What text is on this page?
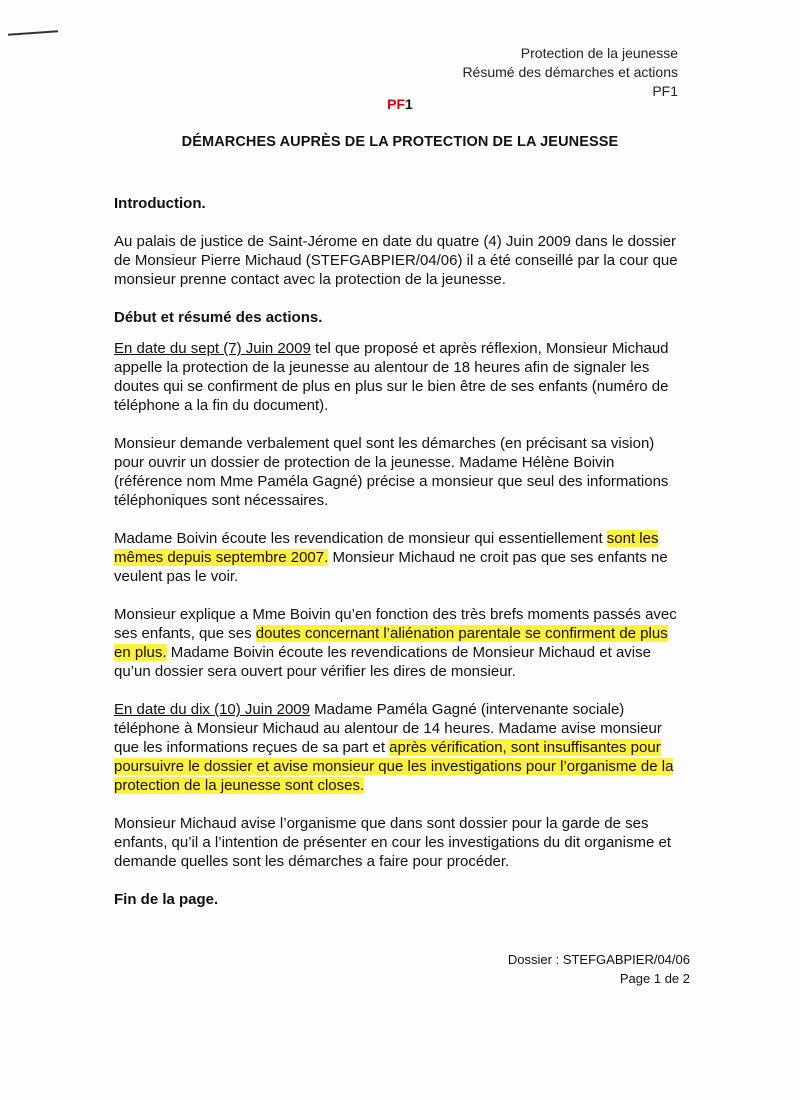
Protection de la jeunesse
Résumé des démarches et actions
PF1
PF1
DÉMARCHES AUPRÈS DE LA PROTECTION DE LA JEUNESSE

Introduction.

Au palais de justice de Saint-Jérome en date du quatre (4) Juin 2009 dans le dossier de Monsieur Pierre Michaud (STEFGABPIER/04/06) il a été conseillé par la cour que monsieur prenne contact avec la protection de la jeunesse.

Début et résumé des actions.

En date du sept (7) Juin 2009 tel que proposé et après réflexion, Monsieur Michaud appelle la protection de la jeunesse au alentour de 18 heures afin de signaler les doutes qui se confirment de plus en plus sur le bien être de ses enfants (numéro de téléphone a la fin du document).

Monsieur demande verbalement quel sont les démarches (en précisant sa vision) pour ouvrir un dossier de protection de la jeunesse. Madame Hélène Boivin (référence nom Mme Paméla Gagné) précise a monsieur que seul des informations téléphoniques sont nécessaires.

Madame Boivin écoute les revendication de monsieur qui essentiellement sont les mêmes depuis septembre 2007. Monsieur Michaud ne croit pas que ses enfants ne veulent pas le voir.

Monsieur explique a Mme Boivin qu’en fonction des très brefs moments passés avec ses enfants, que ses doutes concernant l’aliénation parentale se confirment de plus en plus. Madame Boivin écoute les revendications de Monsieur Michaud et avise qu’un dossier sera ouvert pour vérifier les dires de monsieur.

En date du dix (10) Juin 2009 Madame Paméla Gagné (intervenante sociale) téléphone à Monsieur Michaud au alentour de 14 heures. Madame avise monsieur que les informations reçues de sa part et après vérification, sont insuffisantes pour poursuivre le dossier et avise monsieur que les investigations pour l’organisme de la protection de la jeunesse sont closes.

Monsieur Michaud avise l’organisme que dans sont dossier pour la garde de ses enfants, qu’il a l’intention de présenter en cour les investigations du dit organisme et demande quelles sont les démarches a faire pour procéder.

Fin de la page.

Dossier : STEFGABPIER/04/06
Page 1 de 2
